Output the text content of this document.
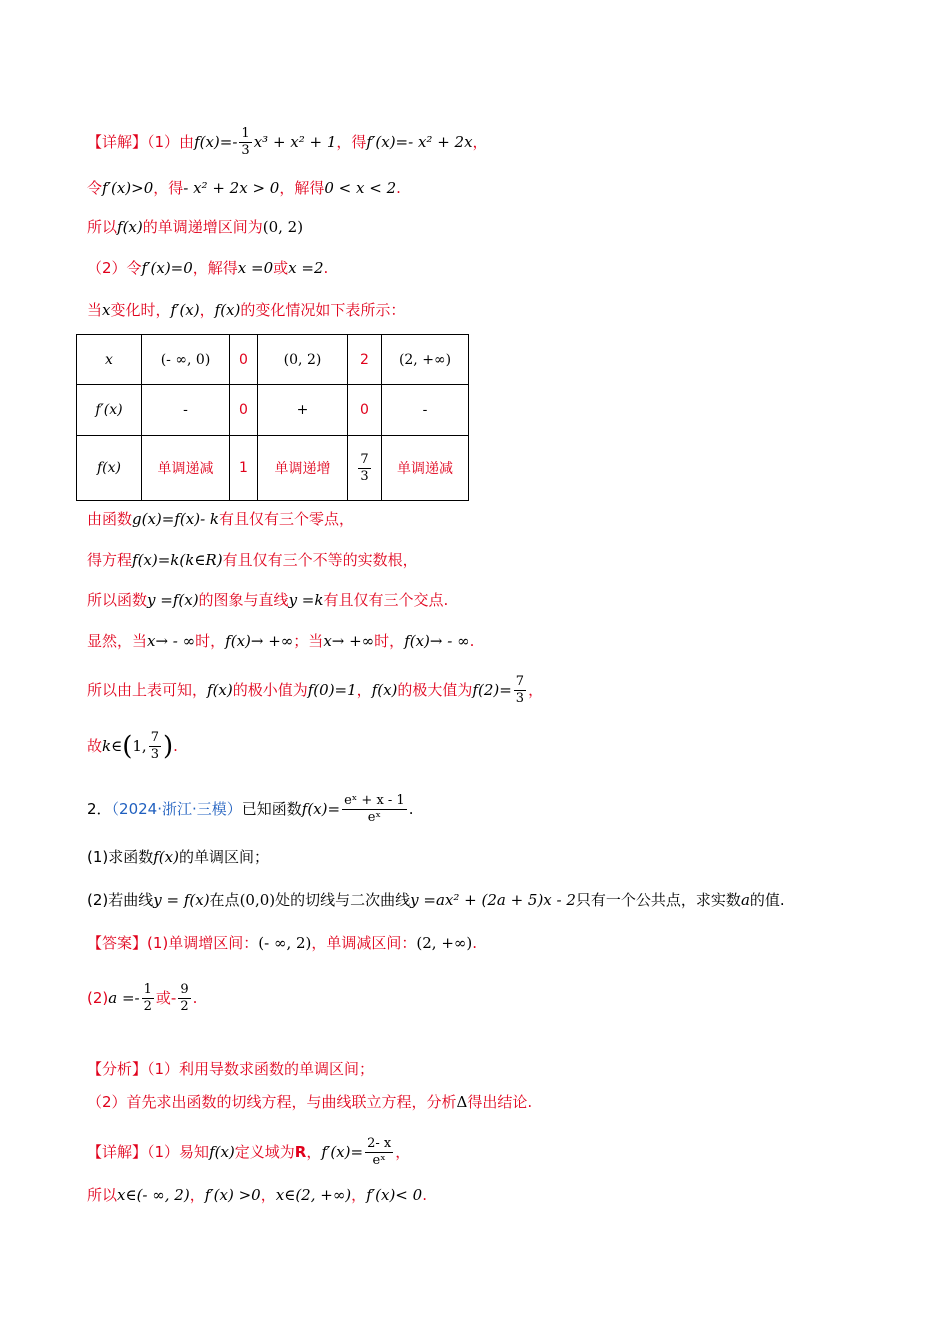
【详解】（1）由$f(x)=- \frac{1}{3} x^3 + x^2 + 1$，得f′(x)=- x² + 2x，
令f′(x)>0，得- x² + 2x > 0，解得0 < x < 2.
所以f(x)的单调递增区间为(0, 2)
（2）令f′(x)=0，解得x =0或x =2.
当x变化时，f′(x)，f(x)的变化情况如下表所示：
x	(- ∞, 0)	0	(0, 2)	2	(2, +∞)
f′(x)	-	0	+	0	-
f(x)	单调递减	1	单调递增	$\frac{7}{3}$	单调递减
由函数g(x)=f(x)- k有且仅有三个零点，
得方程f(x)=k(k∈R)有且仅有三个不等的实数根，
所以函数y =f(x)的图象与直线y =k有且仅有三个交点.
显然，当x→ - ∞时，f(x)→ +∞；当x→ +∞时，f(x)→ - ∞.
所以由上表可知，f(x)的极小值为f(0)=1，f(x)的极大值为$f(2)= \frac{7}{3}$ ，
故k∈(1, $\frac{7}{3}$ ).
2．（2024·浙江·三模）已知函数$f(x)= \frac{\text{eˣ + x - 1}}{\text{eˣ}}$ .
(1)求函数f(x)的单调区间；
(2)若曲线y = f(x)在点(0,0)处的切线与二次曲线y =ax² + (2a + 5)x - 2只有一个公共点，求实数a的值.
【答案】(1)单调增区间：(- ∞, 2)，单调减区间：(2, +∞).
$(2)a =- \frac{1}{2}$ 或- $\frac{9}{2}$ .
【分析】（1）利用导数求函数的单调区间；
（2）首先求出函数的切线方程，与曲线联立方程，分析Δ得出结论.
【详解】（1）易知f(x)定义域为R，$f'(x)= \frac{2- x}{\text{eˣ}}$ ，
所以x∈(- ∞, 2)，f′(x) >0，x∈(2, +∞)，f′(x)< 0.
